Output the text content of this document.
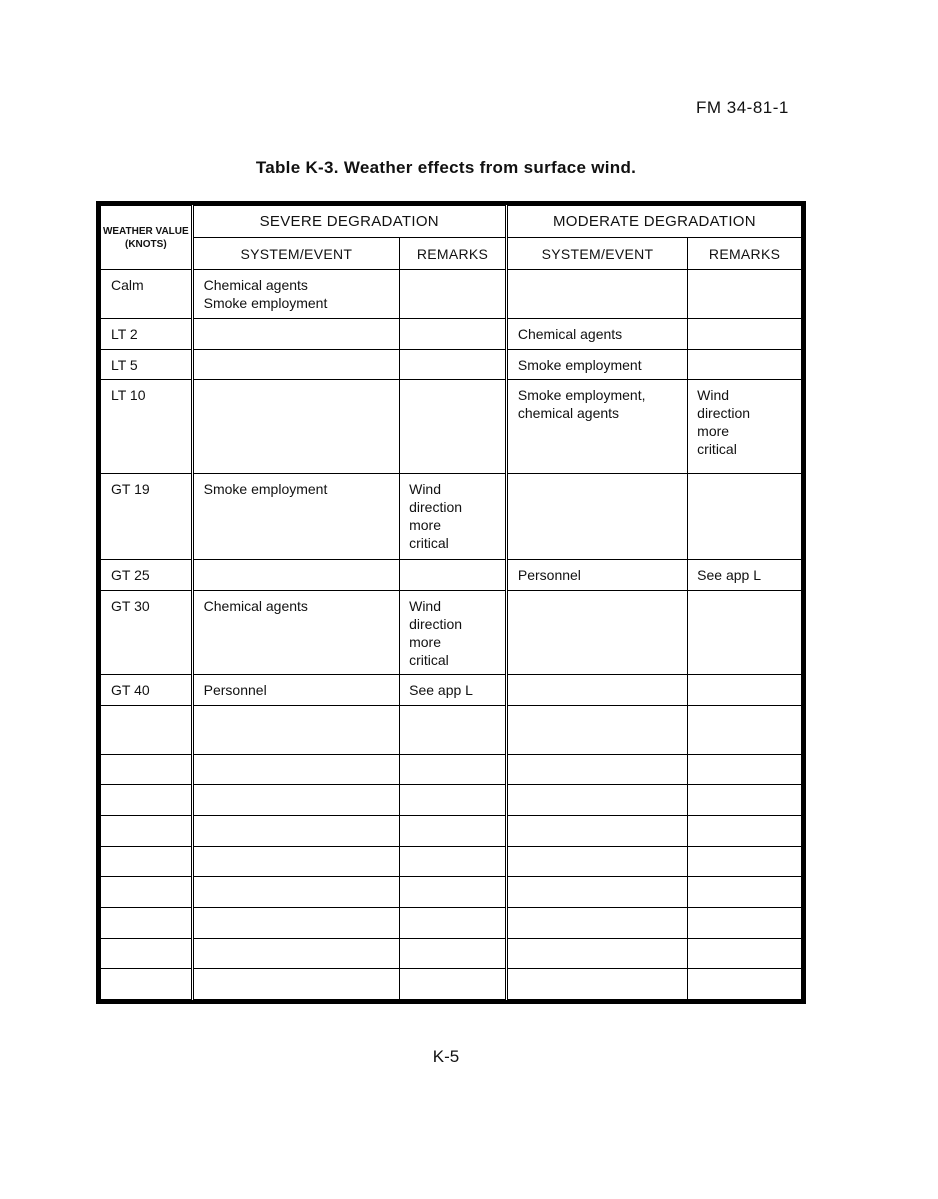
FM 34-81-1
Table K-3. Weather effects from surface wind.
WEATHER VALUE (KNOTS)	SEVERE DEGRADATION		MODERATE DEGRADATION	
	SYSTEM/EVENT	REMARKS	SYSTEM/EVENT	REMARKS

Calm	Chemical agents
Smoke employment			

LT 2			Chemical agents	

LT 5			Smoke employment	

LT 10			Smoke employment,
chemical agents	Wind
direction
more
critical

GT 19	Smoke employment	Wind
direction
more
critical		

GT 25			Personnel	See app L

GT 30	Chemical agents	Wind
direction
more
critical		

GT 40	Personnel	See app L		

K-5
